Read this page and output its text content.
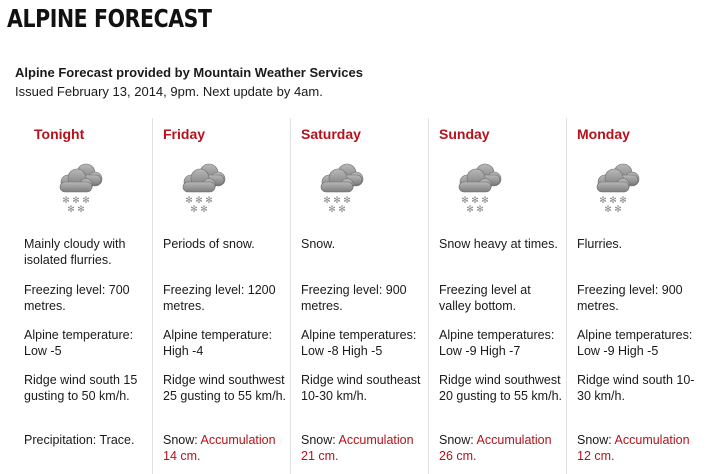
ALPINE FORECAST
Alpine Forecast provided by Mountain Weather Services
Issued February 13, 2014, 9pm. Next update by 4am.
Tonight
✻ ✻ ✻
✻ ✻
Mainly cloudy with isolated flurries.
Freezing level: 700 metres.
Alpine temperature: Low -5
Ridge wind south 15 gusting to 50 km/h.
Precipitation: Trace.
Friday
✻ ✻ ✻
✻ ✻
Periods of snow.
Freezing level: 1200 metres.
Alpine temperature: High -4
Ridge wind southwest 25 gusting to 55 km/h.
Snow: Accumulation 14 cm.
Saturday
✻ ✻ ✻
✻ ✻
Snow.
Freezing level: 900 metres.
Alpine temperatures: Low -8 High -5
Ridge wind southeast 10-30 km/h.
Snow: Accumulation 21 cm.
Sunday
✻ ✻ ✻
✻ ✻
Snow heavy at times.
Freezing level at valley bottom.
Alpine temperatures: Low -9 High -7
Ridge wind southwest 20 gusting to 55 km/h.
Snow: Accumulation 26 cm.
Monday
✻ ✻ ✻
✻ ✻
Flurries.
Freezing level: 900 metres.
Alpine temperatures: Low -9 High -5
Ridge wind south 10-30 km/h.
Snow: Accumulation 12 cm.
